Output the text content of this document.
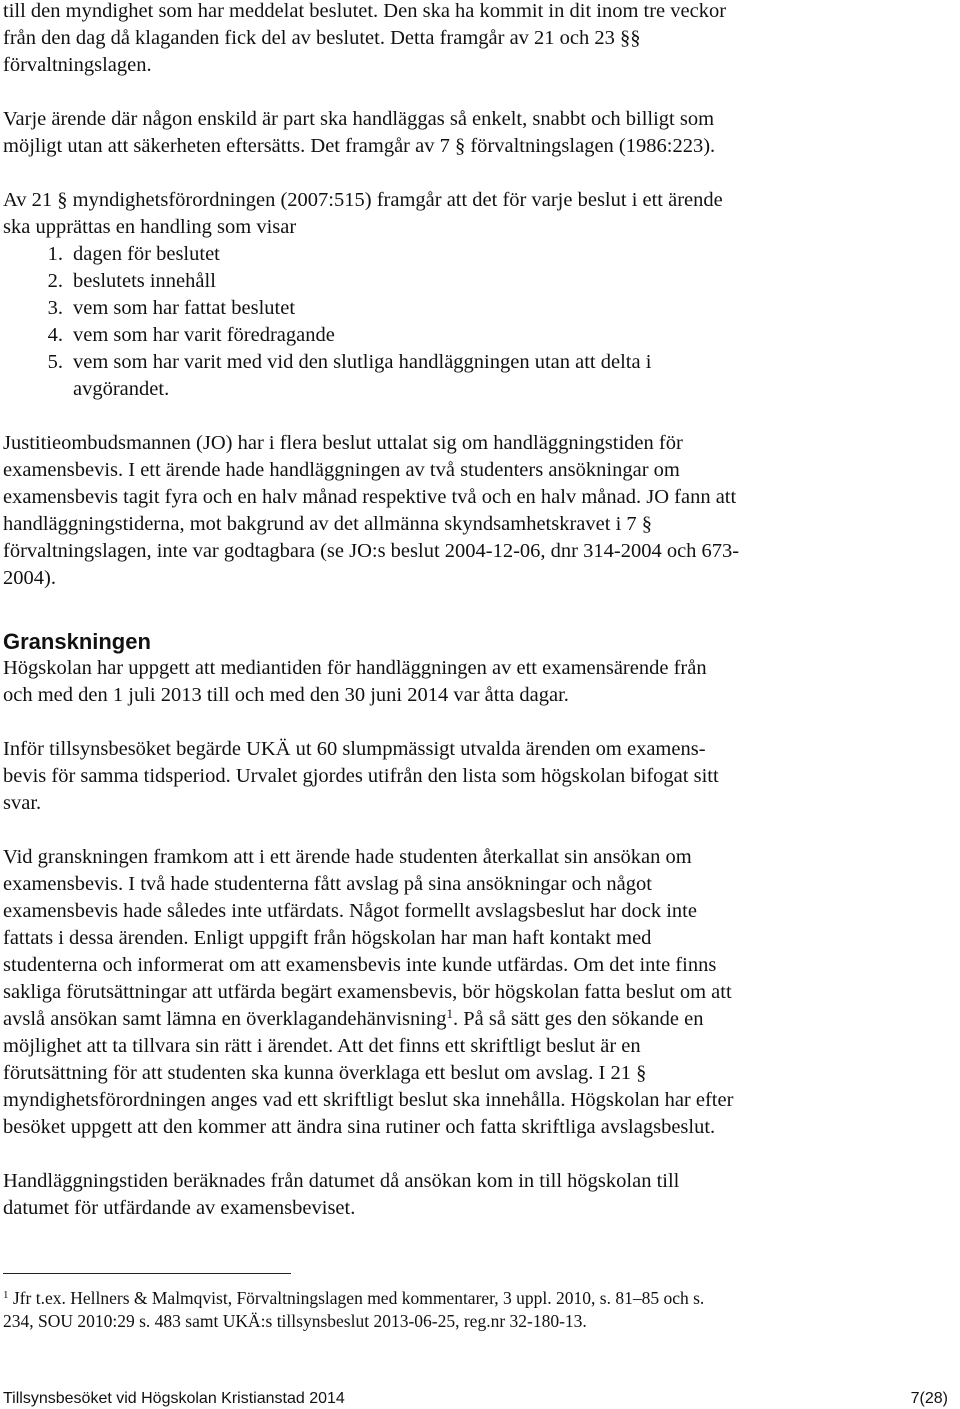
till den myndighet som har meddelat beslutet. Den ska ha kommit in dit inom tre veckor
från den dag då klaganden fick del av beslutet. Detta framgår av 21 och 23 §§
förvaltningslagen.

Varje ärende där någon enskild är part ska handläggas så enkelt, snabbt och billigt som
möjligt utan att säkerheten eftersätts. Det framgår av 7 § förvaltningslagen (1986:223).

Av 21 § myndighetsförordningen (2007:515) framgår att det för varje beslut i ett ärende
ska upprättas en handling som visar

1. dagen för beslutet
2. beslutets innehåll
3. vem som har fattat beslutet
4. vem som har varit föredragande
5. vem som har varit med vid den slutliga handläggningen utan att delta i
avgörandet.

Justitieombudsmannen (JO) har i flera beslut uttalat sig om handläggningstiden för
examensbevis. I ett ärende hade handläggningen av två studenters ansökningar om
examensbevis tagit fyra och en halv månad respektive två och en halv månad. JO fann att
handläggningstiderna, mot bakgrund av det allmänna skyndsamhetskravet i 7 §
förvaltningslagen, inte var godtagbara (se JO:s beslut 2004-12-06, dnr 314-2004 och 673-
2004).

Granskningen

Högskolan har uppgett att mediantiden för handläggningen av ett examensärende från
och med den 1 juli 2013 till och med den 30 juni 2014 var åtta dagar.

Inför tillsynsbesöket begärde UKÄ ut 60 slumpmässigt utvalda ärenden om examens-
bevis för samma tidsperiod. Urvalet gjordes utifrån den lista som högskolan bifogat sitt
svar.

Vid granskningen framkom att i ett ärende hade studenten återkallat sin ansökan om
examensbevis. I två hade studenterna fått avslag på sina ansökningar och något
examensbevis hade således inte utfärdats. Något formellt avslagsbeslut har dock inte
fattats i dessa ärenden. Enligt uppgift från högskolan har man haft kontakt med
studenterna och informerat om att examensbevis inte kunde utfärdas. Om det inte finns
sakliga förutsättningar att utfärda begärt examensbevis, bör högskolan fatta beslut om att
avslå ansökan samt lämna en överklagandehänvisning$^1$. På så sätt ges den sökande en
möjlighet att ta tillvara sin rätt i ärendet. Att det finns ett skriftligt beslut är en
förutsättning för att studenten ska kunna överklaga ett beslut om avslag. I 21 §
myndighetsförordningen anges vad ett skriftligt beslut ska innehålla. Högskolan har efter
besöket uppgett att den kommer att ändra sina rutiner och fatta skriftliga avslagsbeslut.

Handläggningstiden beräknades från datumet då ansökan kom in till högskolan till
datumet för utfärdande av examensbeviset.

$^1$ Jfr t.ex. Hellners & Malmqvist, Förvaltningslagen med kommentarer, 3 uppl. 2010, s. 81–85 och s.
234, SOU 2010:29 s. 483 samt UKÄ:s tillsynsbeslut 2013-06-25, reg.nr 32-180-13.
Tillsynsbesöket vid Högskolan Kristianstad 2014	7(28)
